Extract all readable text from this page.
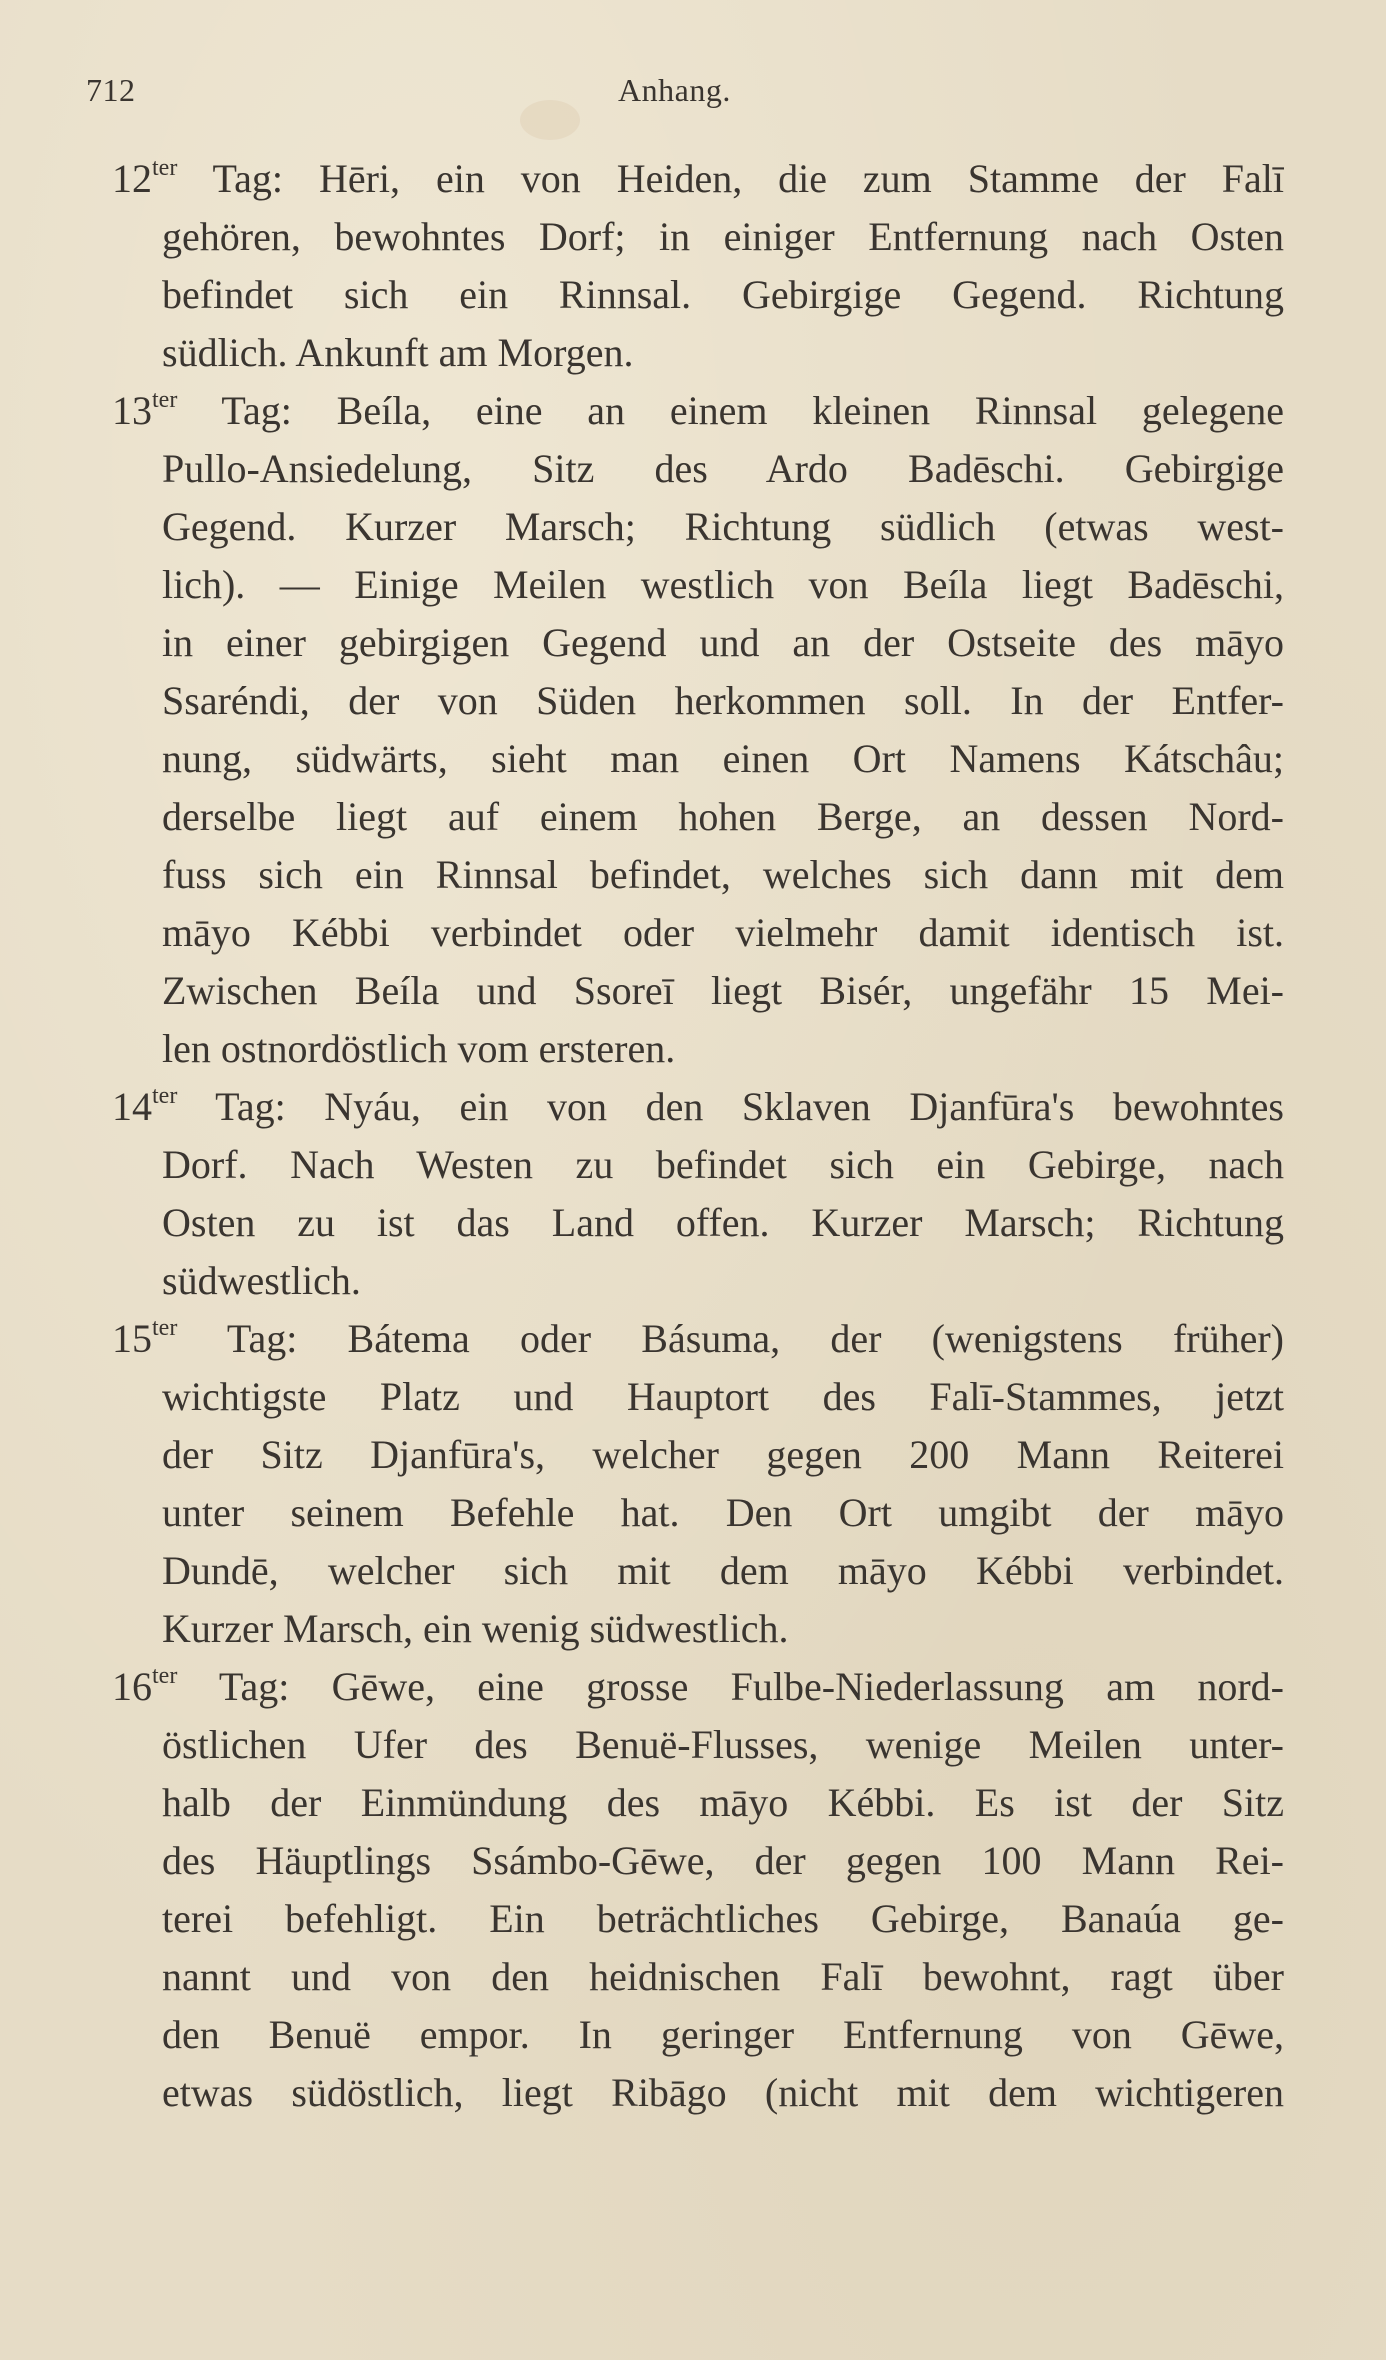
712	Anhang.
$12^{ter}$ Tag: Hēri, ein von Heiden, die zum Stamme der Falī
gehören, bewohntes Dorf; in einiger Entfernung nach Osten
befindet sich ein Rinnsal. Gebirgige Gegend. Richtung
südlich. Ankunft am Morgen.
$13^{ter}$ Tag: Beíla, eine an einem kleinen Rinnsal gelegene
Pullo-Ansiedelung, Sitz des Ardo Badēschi. Gebirgige
Gegend. Kurzer Marsch; Richtung südlich (etwas west-
lich). — Einige Meilen westlich von Beíla liegt Badēschi,
in einer gebirgigen Gegend und an der Ostseite des māyo
Ssaréndi, der von Süden herkommen soll. In der Entfer-
nung, südwärts, sieht man einen Ort Namens Kátschâu;
derselbe liegt auf einem hohen Berge, an dessen Nord-
fuss sich ein Rinnsal befindet, welches sich dann mit dem
māyo Kébbi verbindet oder vielmehr damit identisch ist.
Zwischen Beíla und Ssoreī liegt Bisér, ungefähr 15 Mei-
len ostnordöstlich vom ersteren.
$14^{ter}$ Tag: Nyáu, ein von den Sklaven Djanfūra's bewohntes
Dorf. Nach Westen zu befindet sich ein Gebirge, nach
Osten zu ist das Land offen. Kurzer Marsch; Richtung
südwestlich.
$15^{ter}$ Tag: Bátema oder Básuma, der (wenigstens früher)
wichtigste Platz und Hauptort des Falī-Stammes, jetzt
der Sitz Djanfūra's, welcher gegen 200 Mann Reiterei
unter seinem Befehle hat. Den Ort umgibt der māyo
Dundē, welcher sich mit dem māyo Kébbi verbindet.
Kurzer Marsch, ein wenig südwestlich.
$16^{ter}$ Tag: Gēwe, eine grosse Fulbe-Niederlassung am nord-
östlichen Ufer des Benuë-Flusses, wenige Meilen unter-
halb der Einmündung des māyo Kébbi. Es ist der Sitz
des Häuptlings Ssámbo-Gēwe, der gegen 100 Mann Rei-
terei befehligt. Ein beträchtliches Gebirge, Banaúa ge-
nannt und von den heidnischen Falī bewohnt, ragt über
den Benuë empor. In geringer Entfernung von Gēwe,
etwas südöstlich, liegt Ribāgo (nicht mit dem wichtigeren
